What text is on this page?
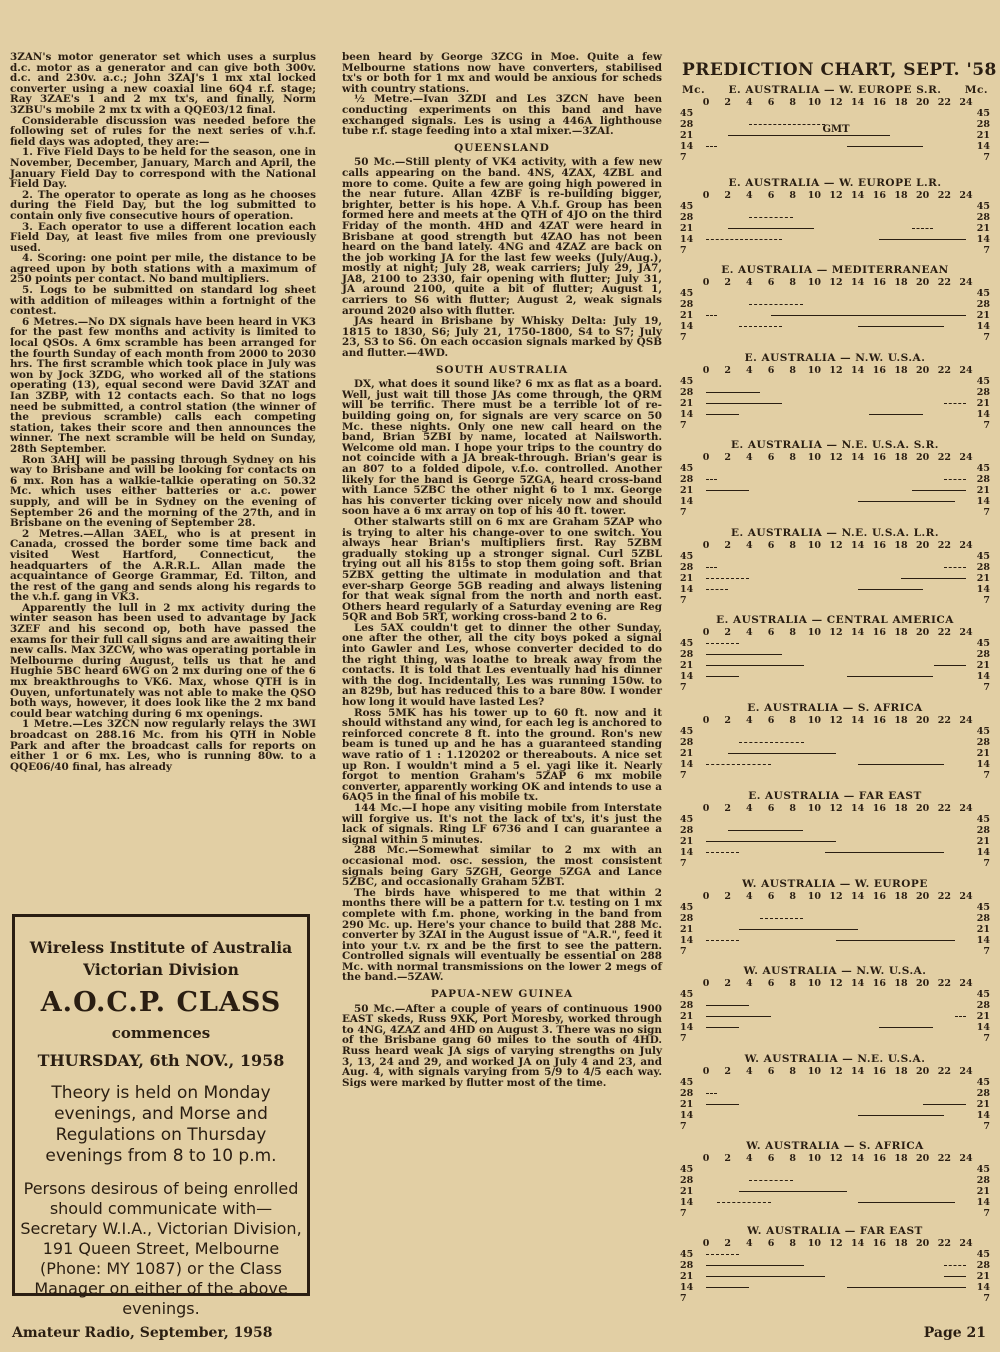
3ZAN's motor generator set which uses a surplus d.c. motor as a generator and can give both 300v. d.c. and 230v. a.c.; John 3ZAJ's 1 mx xtal locked converter using a new coaxial line 6Q4 r.f. stage; Ray 3ZAE's 1 and 2 mx tx's, and finally, Norm 3ZBU's mobile 2 mx tx with a QQE03/12 final.

Considerable discussion was needed before the following set of rules for the next series of v.h.f. field days was adopted, they are:—

1. Five Field Days to be held for the season, one in November, December, January, March and April, the January Field Day to correspond with the National Field Day.

2. The operator to operate as long as he chooses during the Field Day, but the log submitted to contain only five consecutive hours of operation.

3. Each operator to use a different location each Field Day, at least five miles from one previously used.

4. Scoring: one point per mile, the distance to be agreed upon by both stations with a maximum of 250 points per contact. No band multipliers.

5. Logs to be submitted on standard log sheet with addition of mileages within a fortnight of the contest.

6 Metres.—No DX signals have been heard in VK3 for the past few months and activity is limited to local QSOs. A 6mx scramble has been arranged for the fourth Sunday of each month from 2000 to 2030 hrs. The first scramble which took place in July was won by Jock 3ZDG, who worked all of the stations operating (13), equal second were David 3ZAT and Ian 3ZBP, with 12 contacts each. So that no logs need be submitted, a control station (the winner of the previous scramble) calls each competing station, takes their score and then announces the winner. The next scramble will be held on Sunday, 28th September.

Ron 3AHJ will be passing through Sydney on his way to Brisbane and will be looking for contacts on 6 mx. Ron has a walkie-talkie operating on 50.32 Mc. which uses either batteries or a.c. power supply, and will be in Sydney on the evening of September 26 and the morning of the 27th, and in Brisbane on the evening of September 28.

2 Metres.—Allan 3AEL, who is at present in Canada, crossed the border some time back and visited West Hartford, Connecticut, the headquarters of the A.R.R.L. Allan made the acquaintance of George Grammar, Ed. Tilton, and the rest of the gang and sends along his regards to the v.h.f. gang in VK3.

Apparently the lull in 2 mx activity during the winter season has been used to advantage by Jack 3ZEF and his second op, both have passed the exams for their full call signs and are awaiting their new calls. Max 3ZCW, who was operating portable in Melbourne during August, tells us that he and Hughie 5BC heard 6WG on 2 mx during one of the 6 mx breakthroughs to VK6. Max, whose QTH is in Ouyen, unfortunately was not able to make the QSO both ways, however, it does look like the 2 mx band could bear watching during 6 mx openings.

1 Metre.—Les 3ZCN now regularly relays the 3WI broadcast on 288.16 Mc. from his QTH in Noble Park and after the broadcast calls for reports on either 1 or 6 mx. Les, who is running 80w. to a QQE06/40 final, has already

been heard by George 3ZCG in Moe. Quite a few Melbourne stations now have converters, stabilised tx's or both for 1 mx and would be anxious for scheds with country stations.

½ Metre.—Ivan 3ZDI and Les 3ZCN have been conducting experiments on this band and have exchanged signals. Les is using a 446A lighthouse tube r.f. stage feeding into a xtal mixer.—3ZAI.

QUEENSLAND

50 Mc.—Still plenty of VK4 activity, with a few new calls appearing on the band. 4NS, 4ZAX, 4ZBL and more to come. Quite a few are going high powered in the near future. Allan 4ZBF is re-building bigger, brighter, better is his hope. A V.h.f. Group has been formed here and meets at the QTH of 4JO on the third Friday of the month. 4HD and 4ZAT were heard in Brisbane at good strength but 4ZAO has not been heard on the band lately. 4NG and 4ZAZ are back on the job working JA for the last few weeks (July/Aug.), mostly at night; July 28, weak carriers; July 29, JA7, JA8, 2100 to 2330, fair opening with flutter; July 31, JA around 2100, quite a bit of flutter; August 1, carriers to S6 with flutter; August 2, weak signals around 2020 also with flutter.

JAs heard in Brisbane by Whisky Delta: July 19, 1815 to 1830, S6; July 21, 1750-1800, S4 to S7; July 23, S3 to S6. On each occasion signals marked by QSB and flutter.—4WD.

SOUTH AUSTRALIA

DX, what does it sound like? 6 mx as flat as a board. Well, just wait till those JAs come through, the QRM will be terrific. There must be a terrible lot of re-building going on, for signals are very scarce on 50 Mc. these nights. Only one new call heard on the band, Brian 5ZBI by name, located at Nailsworth. Welcome old man. I hope your trips to the country do not coincide with a JA break-through. Brian's gear is an 807 to a folded dipole, v.f.o. controlled. Another likely for the band is George 5ZGA, heard cross-band with Lance 5ZBC the other night 6 to 1 mx. George has his converter ticking over nicely now and should soon have a 6 mx array on top of his 40 ft. tower.

Other stalwarts still on 6 mx are Graham 5ZAP who is trying to alter his change-over to one switch. You always hear Brian's multipliers first. Ray 5ZBM gradually stoking up a stronger signal. Curl 5ZBL trying out all his 815s to stop them going soft. Brian 5ZBX getting the ultimate in modulation and that ever-sharp George 5GB reading and always listening for that weak signal from the north and north east. Others heard regularly of a Saturday evening are Reg 5QR and Bob 5RT, working cross-band 2 to 6.

Les 5AX couldn't get to dinner the other Sunday, one after the other, all the city boys poked a signal into Gawler and Les, whose converter decided to do the right thing, was loathe to break away from the contacts. It is told that Les eventually had his dinner with the dog. Incidentally, Les was running 150w. to an 829b, but has reduced this to a bare 80w. I wonder how long it would have lasted Les?

Ross 5MK has his tower up to 60 ft. now and it should withstand any wind, for each leg is anchored to reinforced concrete 8 ft. into the ground. Ron's new beam is tuned up and he has a guaranteed standing wave ratio of 1 : 1.120202 or thereabouts. A nice set up Ron. I wouldn't mind a 5 el. yagi like it. Nearly forgot to mention Graham's 5ZAP 6 mx mobile converter, apparently working OK and intends to use a 6AQ5 in the final of his mobile tx.

144 Mc.—I hope any visiting mobile from Interstate will forgive us. It's not the lack of tx's, it's just the lack of signals. Ring LF 6736 and I can guarantee a signal within 5 minutes.

288 Mc.—Somewhat similar to 2 mx with an occasional mod. osc. session, the most consistent signals being Gary 5ZGH, George 5ZGA and Lance 5ZBC, and occasionally Graham 5ZBT.

The birds have whispered to me that within 2 months there will be a pattern for t.v. testing on 1 mx complete with f.m. phone, working in the band from 290 Mc. up. Here's your chance to build that 288 Mc. converter by 3ZAI in the August issue of "A.R.", feed it into your t.v. rx and be the first to see the pattern. Controlled signals will eventually be essential on 288 Mc. with normal transmissions on the lower 2 megs of the band.—5ZAW.

PAPUA-NEW GUINEA

50 Mc.—After a couple of years of continuous 1900 EAST skeds, Russ 9XK, Port Moresby, worked through to 4NG, 4ZAZ and 4HD on August 3. There was no sign of the Brisbane gang 60 miles to the south of 4HD. Russ heard weak JA sigs of varying strengths on July 3, 13, 24 and 29, and worked JA on July 4 and 23, and Aug. 4, with signals varying from 5/9 to 4/5 each way. Sigs were marked by flutter most of the time.

Wireless Institute of Australia
Victorian Division
A.O.C.P. CLASS
commences
THURSDAY, 6th NOV., 1958
Theory is held on Monday evenings, and Morse and Regulations on Thursday evenings from 8 to 10 p.m.
Persons desirous of being enrolled should communicate with— Secretary W.I.A., Victorian Division, 191 Queen Street, Melbourne (Phone: MY 1087) or the Class Manager on either of the above evenings.
PREDICTION CHART, SEPT. '58
Mc.	Mc.
E. AUSTRALIA — W. EUROPE S.R.
0	2	4	6	8	10 12 14 16 18 20 22 24
GMT
45	45
28	28
21	21
14	14
7	7
E. AUSTRALIA — W. EUROPE L.R.
0	2	4	6	8	10 12 14 16 18 20 22 24
45	45
28	28
21	21
14	14
7	7
E. AUSTRALIA — MEDITERRANEAN
0	2	4	6	8	10 12 14 16 18 20 22 24
45	45
28	28
21	21
14	14
7	7
E. AUSTRALIA — N.W. U.S.A.
0	2	4	6	8	10 12 14 16 18 20 22 24
45	45
28	28
21	21
14	14
7	7
E. AUSTRALIA — N.E. U.S.A. S.R.
0	2	4	6	8	10 12 14 16 18 20 22 24
45	45
28	28
21	21
14	14
7	7
E. AUSTRALIA — N.E. U.S.A. L.R.
0	2	4	6	8	10 12 14 16 18 20 22 24
45	45
28	28
21	21
14	14
7	7
E. AUSTRALIA — CENTRAL AMERICA
0	2	4	6	8	10 12 14 16 18 20 22 24
45	45
28	28
21	21
14	14
7	7
E. AUSTRALIA — S. AFRICA
0	2	4	6	8	10 12 14 16 18 20 22 24
45	45
28	28
21	21
14	14
7	7
E. AUSTRALIA — FAR EAST
0	2	4	6	8	10 12 14 16 18 20 22 24
45	45
28	28
21	21
14	14
7	7
W. AUSTRALIA — W. EUROPE
0	2	4	6	8	10 12 14 16 18 20 22 24
45	45
28	28
21	21
14	14
7	7
W. AUSTRALIA — N.W. U.S.A.
0	2	4	6	8	10 12 14 16 18 20 22 24
45	45
28	28
21	21
14	14
7	7
W. AUSTRALIA — N.E. U.S.A.
0	2	4	6	8	10 12 14 16 18 20 22 24
45	45
28	28
21	21
14	14
7	7
W. AUSTRALIA — S. AFRICA
0	2	4	6	8	10 12 14 16 18 20 22 24
45	45
28	28
21	21
14	14
7	7
W. AUSTRALIA — FAR EAST
0	2	4	6	8	10 12 14 16 18 20 22 24
45	45
28	28
21	21
14	14
7	7
Amateur Radio, September, 1958	Page 21
